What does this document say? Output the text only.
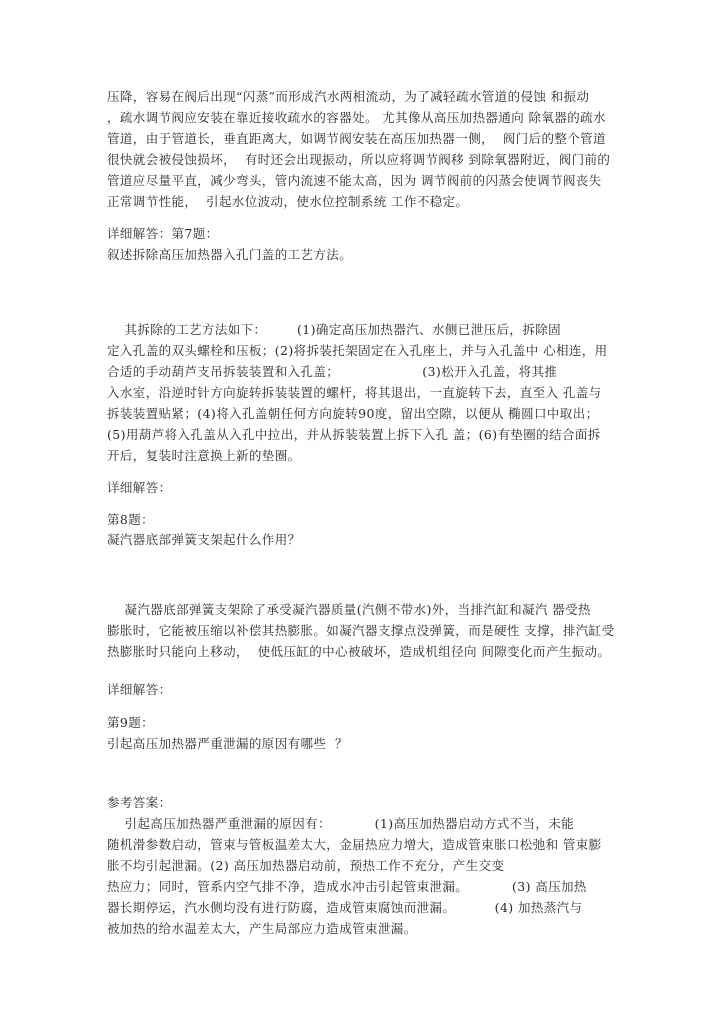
压降，容易在阀后出现“闪蒸”而形成汽水两相流动，为了减轻疏水管道的侵蚀 和振动
，疏水调节阀应安装在靠近接收疏水的容器处。 尤其像从高压加热器通向 除氧器的疏水
管道，由于管道长，垂直距离大，如调节阀安装在高压加热器一侧，  阀门后的整个管道
很快就会被侵蚀损坏，  有时还会出现振动，所以应将调节阀移 到除氧器附近，阀门前的
管道应尽量平直，减少弯头，管内流速不能太高，因为 调节阀前的闪蒸会使调节阀丧失
正常调节性能，  引起水位波动，使水位控制系统 工作不稳定。
详细解答：第7题：
叙述拆除高压加热器入孔门盖的工艺方法。
其拆除的工艺方法如下：       (1)确定高压加热器汽、水侧已泄压后，拆除固
定入孔盖的双头螺栓和压板；(2)将拆装托架固定在入孔座上，并与入孔盖中 心相连，用
合适的手动葫芦支吊拆装装置和入孔盖；                   (3)松开入孔盖，将其推
入水室，沿逆时针方向旋转拆装装置的螺杆，将其退出，一直旋转下去，直至入 孔盖与
拆装装置贴紧；(4)将入孔盖朝任何方向旋转90度，留出空隙，以便从 椭圆口中取出；
(5)用葫芦将入孔盖从入孔中拉出，并从拆装装置上拆下入孔 盖；(6)有垫圈的结合面拆
开后，复装时注意换上新的垫圈。
详细解答：
第8题：
凝汽器底部弹簧支架起什么作用？
凝汽器底部弹簧支架除了承受凝汽器质量(汽侧不带水)外，当排汽缸和凝汽 器受热
膨胀时，它能被压缩以补偿其热膨胀。如凝汽器支撑点没弹簧，而是硬性 支撑，排汽缸受
热膨胀时只能向上移动，  使低压缸的中心被破坏，造成机组径向 间隙变化而产生振动。
详细解答：
第9题：
引起高压加热器严重泄漏的原因有哪些  ？
参考答案：
引起高压加热器严重泄漏的原因有：          (1)高压加热器启动方式不当，未能
随机滑参数启动，管束与管板温差太大，金届热应力增大，造成管束胀口松弛和 管束膨
胀不均引起泄漏。(2) 高压加热器启动前，预热工作不充分，产生交变
热应力；同时，管系内空气排不净，造成水冲击引起管束泄漏。          (3) 高压加热
器长期停运，汽水侧均没有进行防腐，造成管束腐蚀而泄漏。         (4) 加热蒸汽与
被加热的给水温差太大，产生局部应力造成管束泄漏。
